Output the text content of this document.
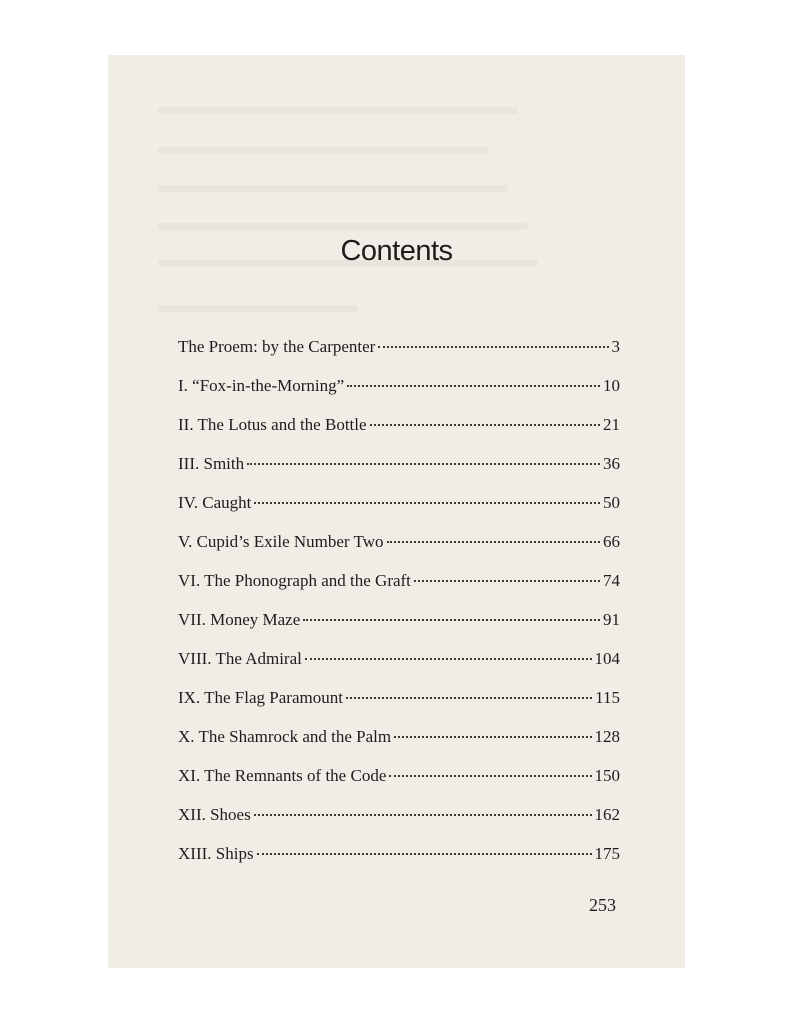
Contents
The Proem: by the Carpenter	3
I. “Fox-in-the-Morning”	10
II. The Lotus and the Bottle	21
III. Smith	36
IV. Caught	50
V. Cupid’s Exile Number Two	66
VI. The Phonograph and the Graft	74
VII. Money Maze	91
VIII. The Admiral	104
IX. The Flag Paramount	115
X. The Shamrock and the Palm	128
XI. The Remnants of the Code	150
XII. Shoes	162
XIII. Ships	175
253
